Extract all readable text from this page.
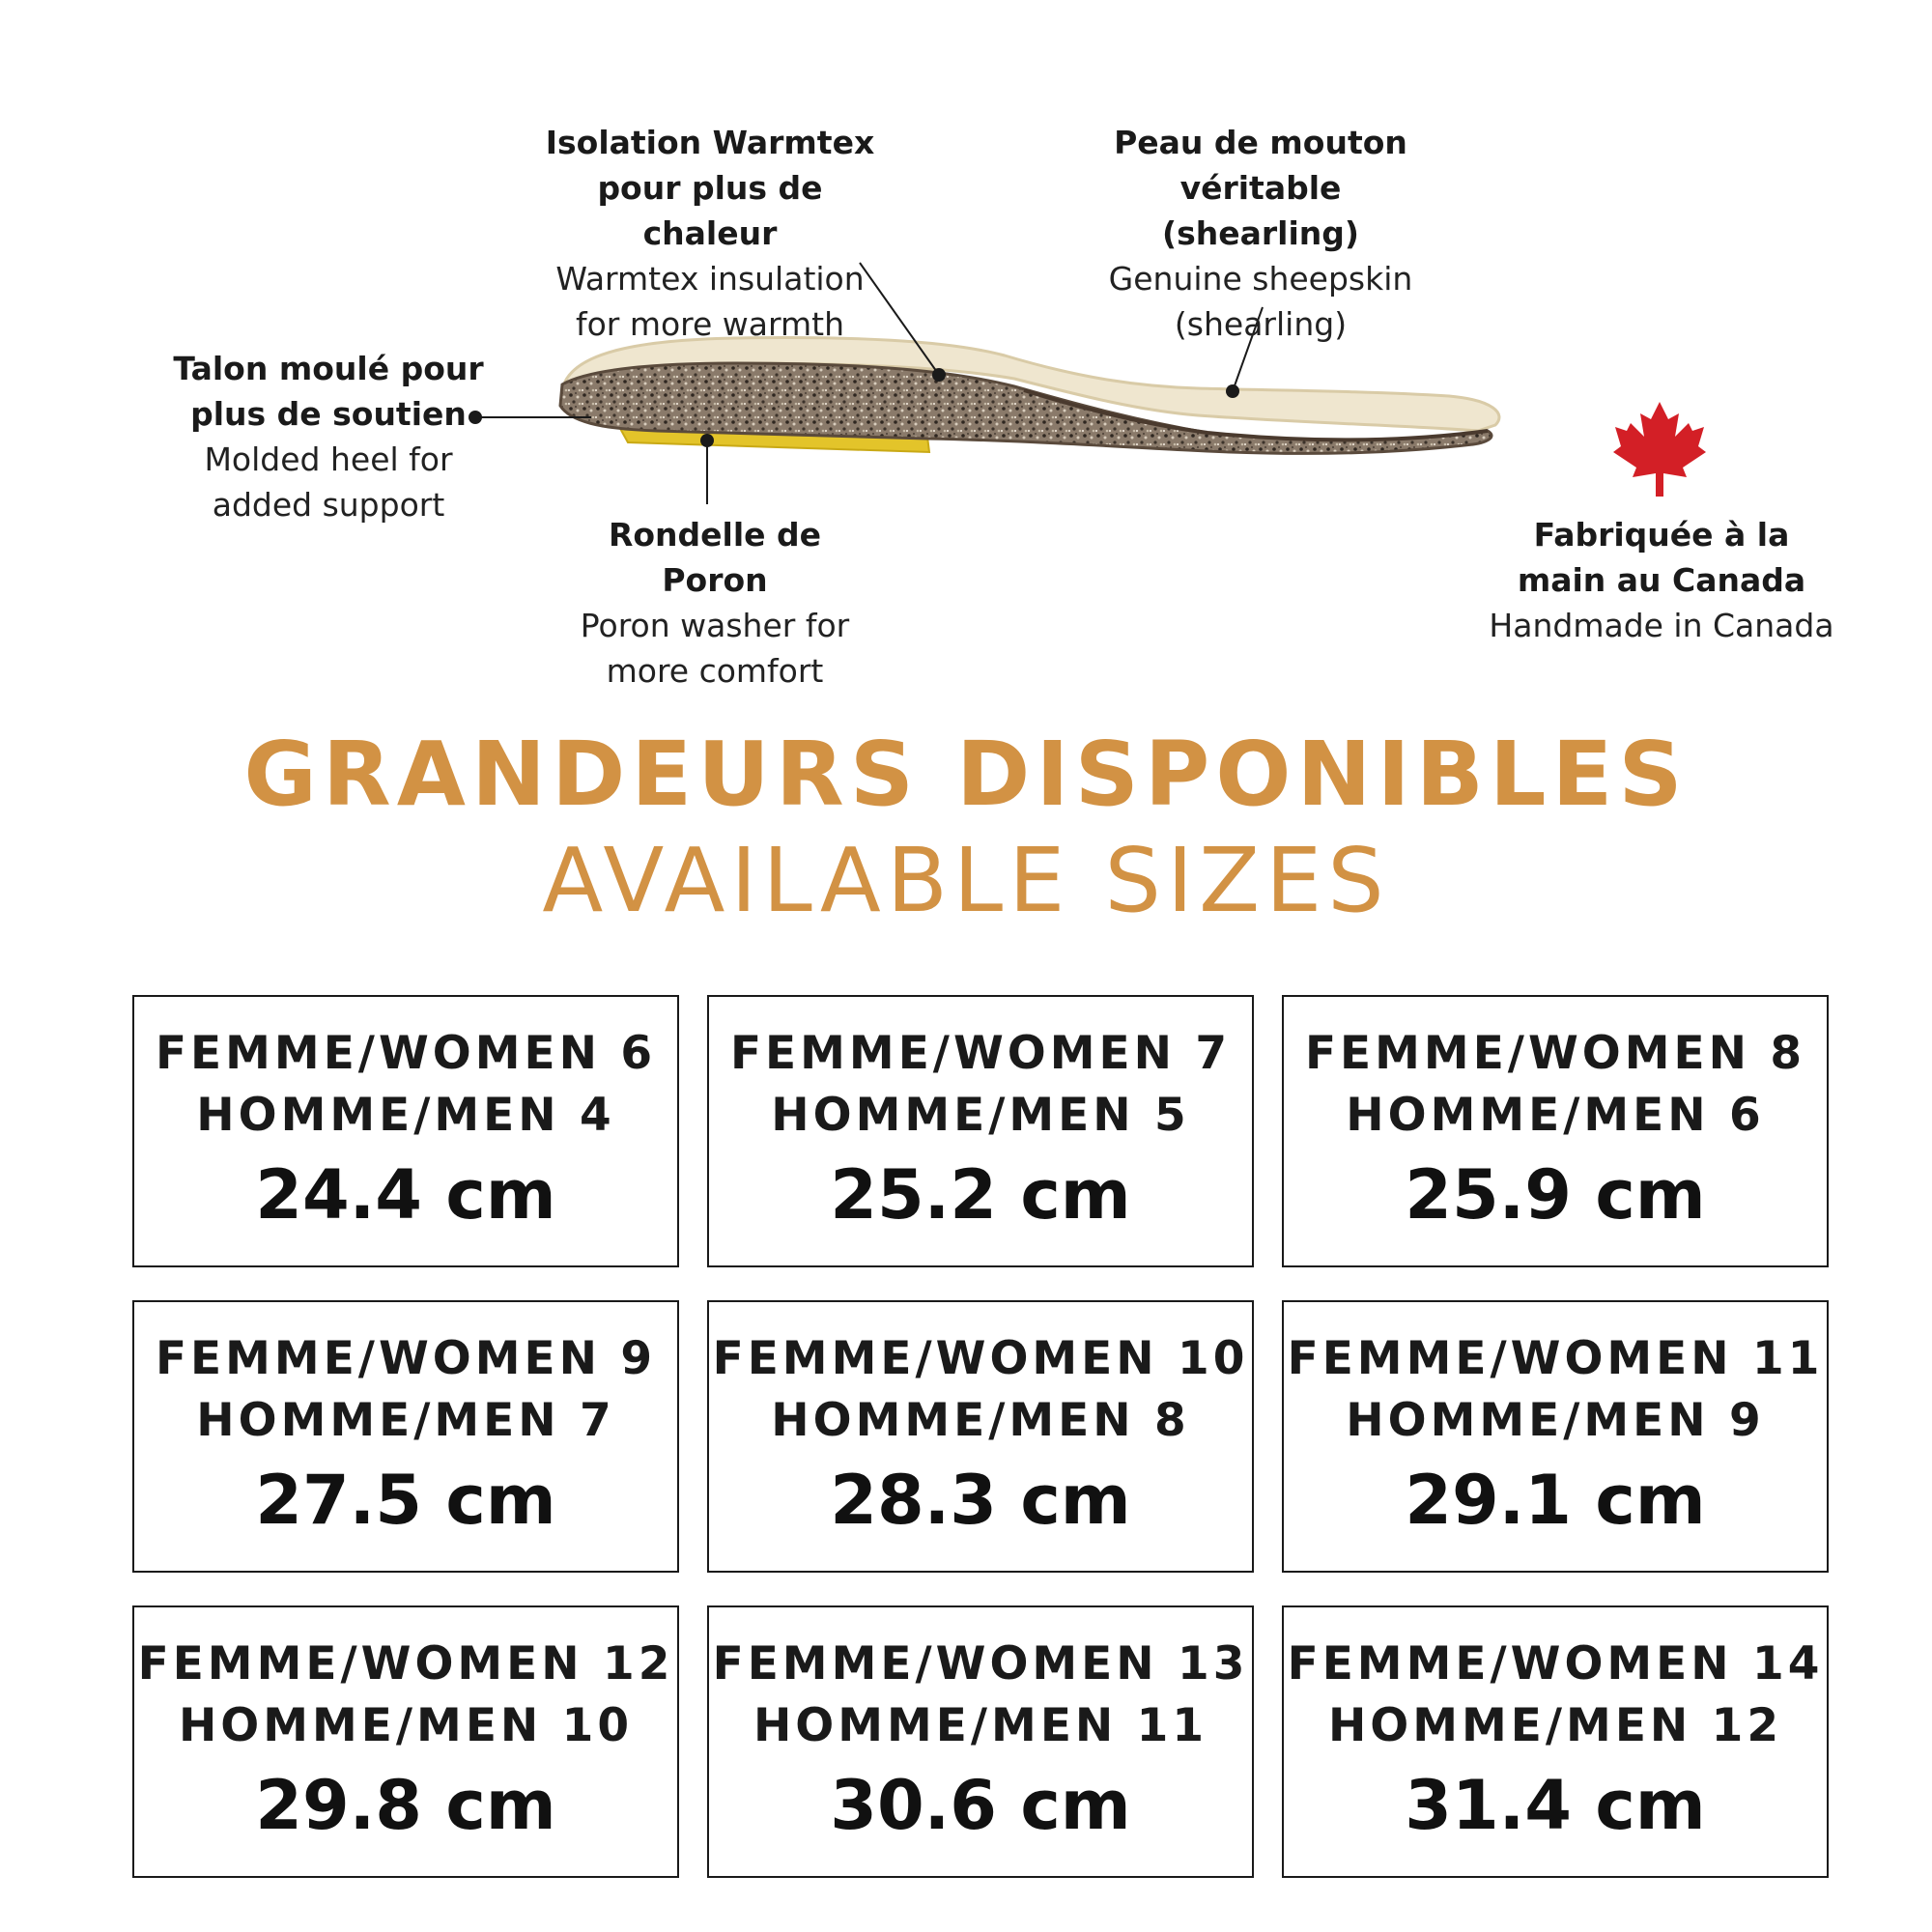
Isolation Warmtex
pour plus de chaleur
Warmtex insulation
for more warmth
Peau de mouton
véritable (shearling)
Genuine sheepskin
(shearling)
Talon moulé pour
plus de soutien
Molded heel for
added support
Rondelle de Poron
Poron washer for
more comfort
Fabriquée à la
main au Canada
Handmade in Canada
GRANDEURS DISPONIBLES
AVAILABLE SIZES
FEMME/WOMEN 6
HOMME/MEN 4
24.4 cm
FEMME/WOMEN 7
HOMME/MEN 5
25.2 cm
FEMME/WOMEN 8
HOMME/MEN 6
25.9 cm
FEMME/WOMEN 9
HOMME/MEN 7
27.5 cm
FEMME/WOMEN 10
HOMME/MEN 8
28.3 cm
FEMME/WOMEN 11
HOMME/MEN 9
29.1 cm
FEMME/WOMEN 12
HOMME/MEN 10
29.8 cm
FEMME/WOMEN 13
HOMME/MEN 11
30.6 cm
FEMME/WOMEN 14
HOMME/MEN 12
31.4 cm
